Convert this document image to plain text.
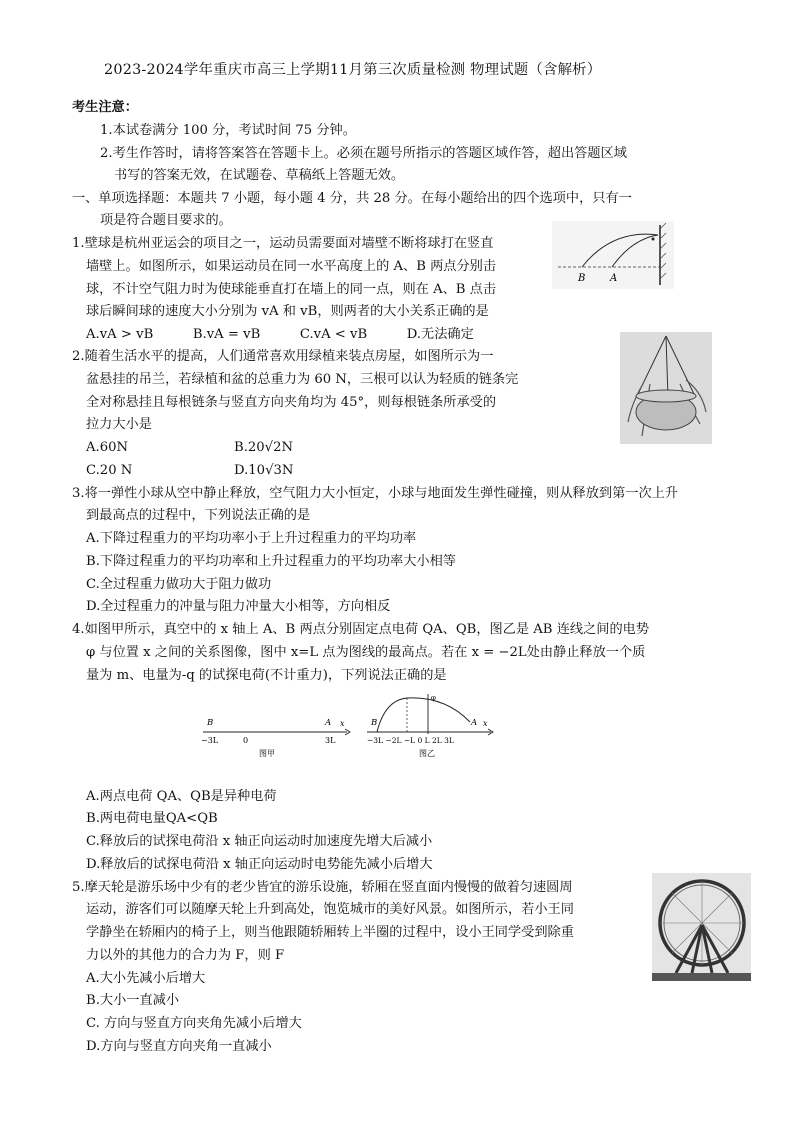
2023-2024学年重庆市高三上学期11月第三次质量检测 物理试题（含解析）
考生注意：
1.本试卷满分 100 分，考试时间 75 分钟。
2.考生作答时，请将答案答在答题卡上。必须在题号所指示的答题区域作答，超出答题区域
书写的答案无效，在试题卷、草稿纸上答题无效。
一、单项选择题：本题共 7 小题，每小题 4 分，共 28 分。在每小题给出的四个选项中，只有一
项是符合题目要求的。
1.壁球是杭州亚运会的项目之一，运动员需要面对墙壁不断将球打在竖直
墙壁上。如图所示，如果运动员在同一水平高度上的 A、B 两点分别击
球，不计空气阻力时为使球能垂直打在墙上的同一点，则在 A、B 点击
球后瞬间球的速度大小分别为 vA 和 vB，则两者的大小关系正确的是
A.vA > vB　　　B.vA = vB　　　C.vA < vB　　　D.无法确定
B A
2.随着生活水平的提高，人们通常喜欢用绿植来装点房屋，如图所示为一
盆悬挂的吊兰，若绿植和盆的总重力为 60 N，三根可以认为轻质的链条完
全对称悬挂且每根链条与竖直方向夹角均为 45°，则每根链条所承受的
拉力大小是
A.60N	B.20√2N
C.20 N	D.10√3N
3.将一弹性小球从空中静止释放，空气阻力大小恒定，小球与地面发生弹性碰撞，则从释放到第一次上升
到最高点的过程中，下列说法正确的是
A.下降过程重力的平均功率小于上升过程重力的平均功率
B.下降过程重力的平均功率和上升过程重力的平均功率大小相等
C.全过程重力做功大于阻力做功
D.全过程重力的冲量与阻力冲量大小相等，方向相反
4.如图甲所示，真空中的 x 轴上 A、B 两点分别固定点电荷 QA、QB，图乙是 AB 连线之间的电势
φ 与位置 x 之间的关系图像，图中 x=L 点为图线的最高点。若在 x = −2L处由静止释放一个质
量为 m、电量为-q 的试探电荷(不计重力)，下列说法正确的是
B	A x
−3L	0	3L
图甲
φ
B	A x
−3L −2L −L 0 L 2L 3L
图乙
A.两点电荷 QA、QB是异种电荷
B.两电荷电量QA<QB
C.释放后的试探电荷沿 x 轴正向运动时加速度先增大后减小
D.释放后的试探电荷沿 x 轴正向运动时电势能先减小后增大
5.摩天轮是游乐场中少有的老少皆宜的游乐设施，轿厢在竖直面内慢慢的做着匀速圆周
运动，游客们可以随摩天轮上升到高处，饱览城市的美好风景。如图所示，若小王同
学静坐在轿厢内的椅子上，则当他跟随轿厢转上半圈的过程中，设小王同学受到除重
力以外的其他力的合力为 F，则 F
A.大小先减小后增大
B.大小一直减小
C. 方向与竖直方向夹角先减小后增大
D.方向与竖直方向夹角一直减小
